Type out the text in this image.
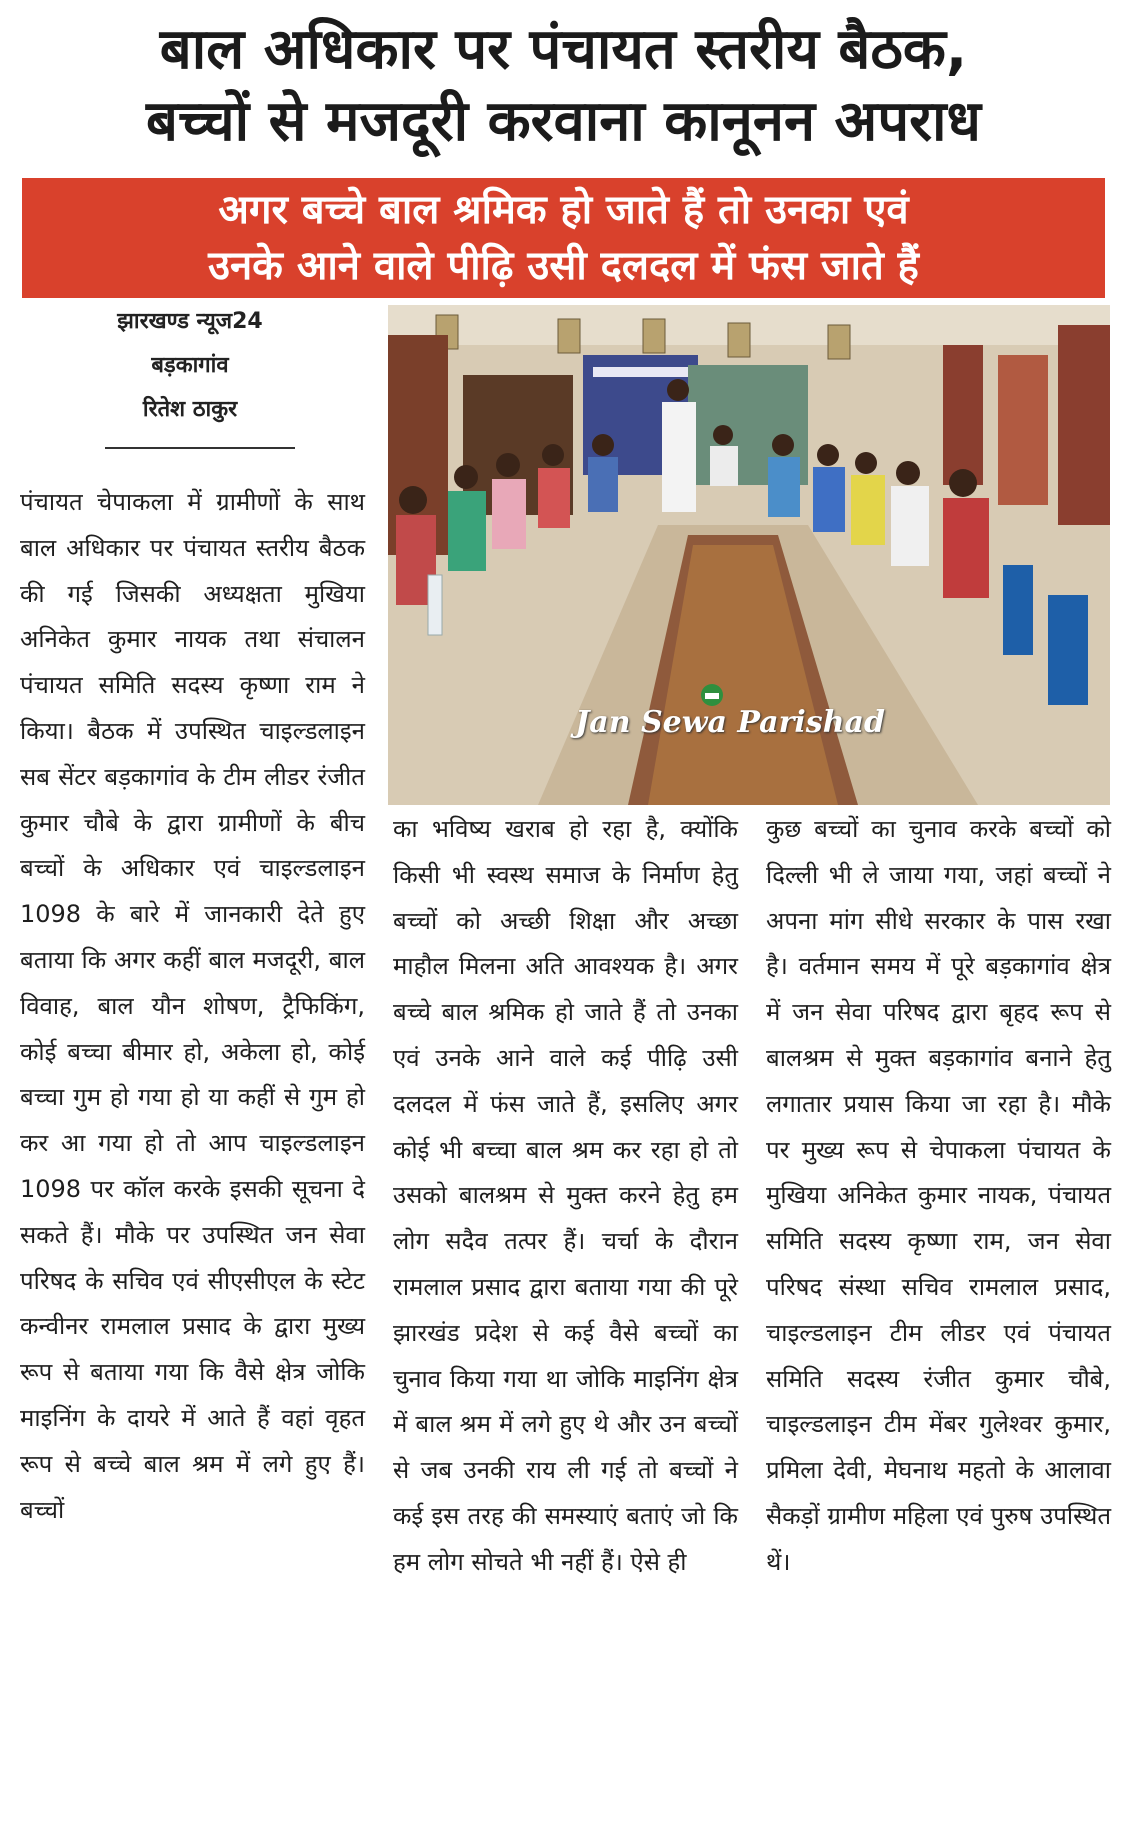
बाल अधिकार पर पंचायत स्तरीय बैठक,
बच्चों से मजदूरी करवाना कानूनन अपराध
अगर बच्चे बाल श्रमिक हो जाते हैं तो उनका एवं
उनके आने वाले पीढ़ि उसी दलदल में फंस जाते हैं
झारखण्ड न्यूज24
बड़कागांव
रितेश ठाकुर
Jan Sewa Parishad
पंचायत चेपाकला में ग्रामीणों के साथ बाल अधिकार पर पंचायत स्तरीय बैठक की गई जिसकी अध्यक्षता मुखिया अनिकेत कुमार नायक तथा संचालन पंचायत समिति सदस्य कृष्णा राम ने किया। बैठक में उपस्थित चाइल्डलाइन सब सेंटर बड़कागांव के टीम लीडर रंजीत कुमार चौबे के द्वारा ग्रामीणों के बीच बच्चों के अधिकार एवं चाइल्डलाइन 1098 के बारे में जानकारी देते हुए बताया कि अगर कहीं बाल मजदूरी, बाल विवाह, बाल यौन शोषण, ट्रैफिकिंग, कोई बच्चा बीमार हो, अकेला हो, कोई बच्चा गुम हो गया हो या कहीं से गुम हो कर आ गया हो तो आप चाइल्डलाइन 1098 पर कॉल करके इसकी सूचना दे सकते हैं। मौके पर उपस्थित जन सेवा परिषद के सचिव एवं सीएसीएल के स्टेट कन्वीनर रामलाल प्रसाद के द्वारा मुख्य रूप से बताया गया कि वैसे क्षेत्र जोकि माइनिंग के दायरे में आते हैं वहां वृहत रूप से बच्चे बाल श्रम में लगे हुए हैं। बच्चों
का भविष्य खराब हो रहा है, क्योंकि किसी भी स्वस्थ समाज के निर्माण हेतु बच्चों को अच्छी शिक्षा और अच्छा माहौल मिलना अति आवश्यक है। अगर बच्चे बाल श्रमिक हो जाते हैं तो उनका एवं उनके आने वाले कई पीढ़ि उसी दलदल में फंस जाते हैं, इसलिए अगर कोई भी बच्चा बाल श्रम कर रहा हो तो उसको बालश्रम से मुक्त करने हेतु हम लोग सदैव तत्पर हैं। चर्चा के दौरान रामलाल प्रसाद द्वारा बताया गया की पूरे झारखंड प्रदेश से कई वैसे बच्चों का चुनाव किया गया था जोकि माइनिंग क्षेत्र में बाल श्रम में लगे हुए थे और उन बच्चों से जब उनकी राय ली गई तो बच्चों ने कई इस तरह की समस्याएं बताएं जो कि हम लोग सोचते भी नहीं हैं। ऐसे ही
कुछ बच्चों का चुनाव करके बच्चों को दिल्ली भी ले जाया गया, जहां बच्चों ने अपना मांग सीधे सरकार के पास रखा है। वर्तमान समय में पूरे बड़कागांव क्षेत्र में जन सेवा परिषद द्वारा बृहद रूप से बालश्रम से मुक्त बड़कागांव बनाने हेतु लगातार प्रयास किया जा रहा है। मौके पर मुख्य रूप से चेपाकला पंचायत के मुखिया अनिकेत कुमार नायक, पंचायत समिति सदस्य कृष्णा राम, जन सेवा परिषद संस्था सचिव रामलाल प्रसाद, चाइल्डलाइन टीम लीडर एवं पंचायत समिति सदस्य रंजीत कुमार चौबे, चाइल्डलाइन टीम मेंबर गुलेश्वर कुमार, प्रमिला देवी, मेघनाथ महतो के आलावा सैकड़ों ग्रामीण महिला एवं पुरुष उपस्थित थें।
